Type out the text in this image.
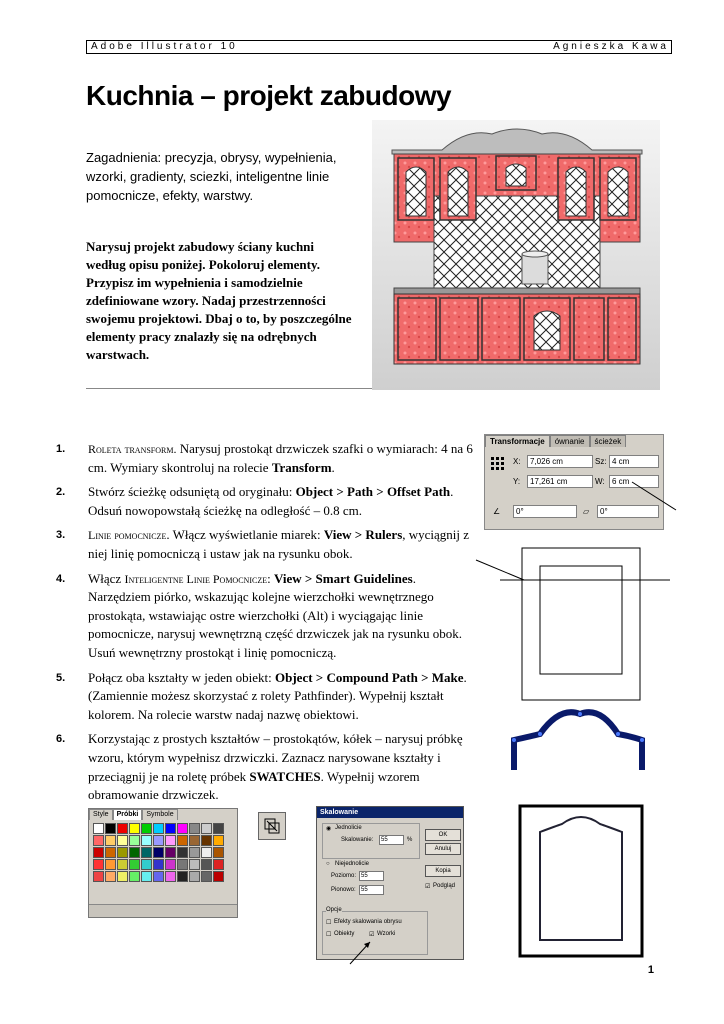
Adobe Illustrator 10	Agnieszka Kawa
Kuchnia – projekt zabudowy
Zagadnienia: precyzja, obrysy, wypełnienia, wzorki, gradienty, sciezki, inteligentne linie pomocnicze, efekty, warstwy.
Narysuj projekt zabudowy ściany kuchni według opisu poniżej. Pokoloruj elementy. Przypisz im wypełnienia i samodzielnie zdefiniowane wzory. Nadaj przestrzenności swojemu projektowi. Dbaj o to, by poszczególne elementy pracy znalazły się na odrębnych warstwach.
1. Roleta transform. Narysuj prostokąt drzwiczek szafki o wymiarach: 4 na 6 cm. Wymiary skontroluj na rolecie Transform.
2. Stwórz ścieżkę odsuniętą od oryginału: Object > Path > Offset Path. Odsuń nowopowstałą ścieżkę na odległość – 0.8 cm.
3. Linie pomocnicze. Włącz wyświetlanie miarek: View > Rulers, wyciągnij z niej linię pomocniczą i ustaw jak na rysunku obok.
4. Włącz Inteligentne Linie Pomocnicze: View > Smart Guidelines. Narzędziem piórko, wskazując kolejne wierzchołki wewnętrznego prostokąta, wstawiając ostre wierzchołki (Alt) i wyciągając linie pomocnicze, narysuj wewnętrzną część drzwiczek jak na rysunku obok. Usuń wewnętrzny prostokąt i linię pomocniczą.
5. Połącz oba kształty w jeden obiekt: Object > Compound Path > Make. (Zamiennie możesz skorzystać z rolety Pathfinder). Wypełnij kształt kolorem. Na rolecie warstw nadaj nazwę obiektowi.
6. Korzystając z prostych kształtów – prostokątów, kółek – narysuj próbkę wzoru, którym wypełnisz drzwiczki. Zaznacz narysowane kształty i przeciągnij je na roletę próbek SWATCHES. Wypełnij wzorem obramowanie drzwiczek.
Transformacje	ównanie	ścieżek
X:	7,026 cm	Sz: 4 cm
Y:	17,261 cm	W: 6 cm
∠	0°	▱	0°
Style	Próbki	Symbole	Skalowanie
◉ Jednolicie
Skalowanie:	55	%
○ Niejednolicie
Poziomo: 55
Pionowo: 55
OK
Anuluj
Kopia
☑ Podgląd
Opcje
☐ Efekty skalowania obrysu
☐ Obiekty ☑ Wzorki
1
